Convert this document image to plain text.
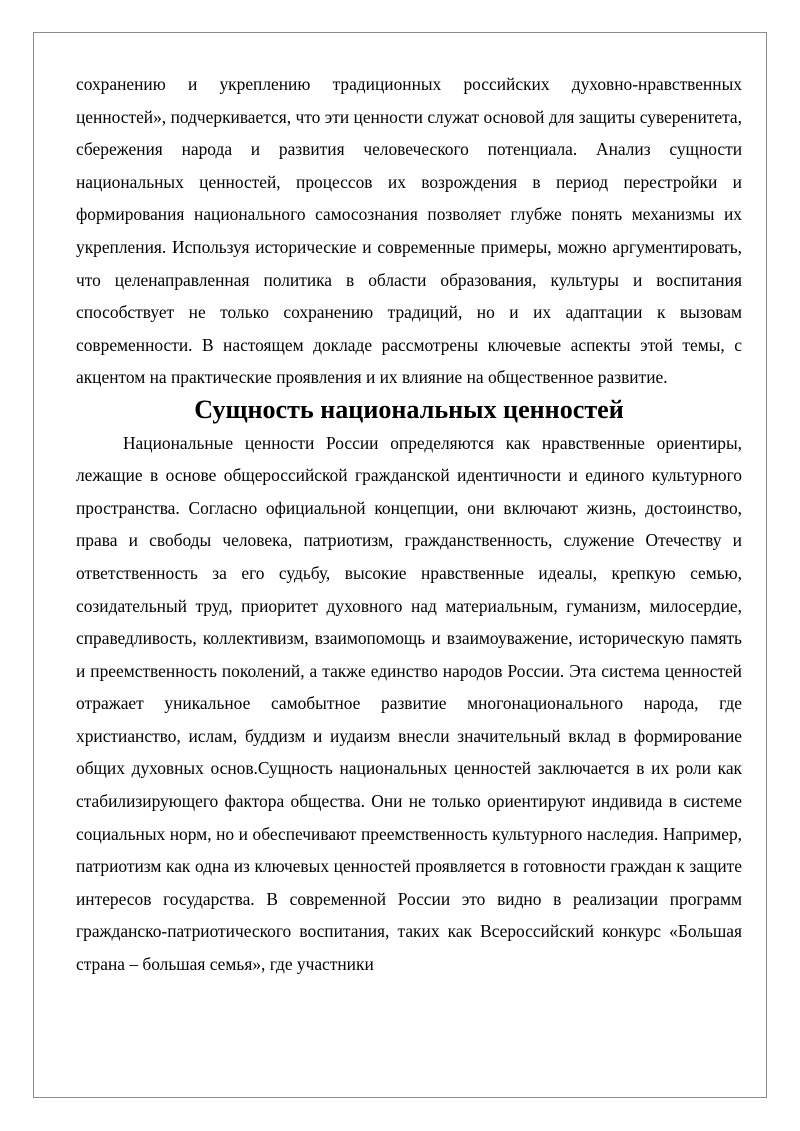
сохранению и укреплению традиционных российских духовно-нравственных ценностей», подчеркивается, что эти ценности служат основой для защиты суверенитета, сбережения народа и развития человеческого потенциала. Анализ сущности национальных ценностей, процессов их возрождения в период перестройки и формирования национального самосознания позволяет глубже понять механизмы их укрепления. Используя исторические и современные примеры, можно аргументировать, что целенаправленная политика в области образования, культуры и воспитания способствует не только сохранению традиций, но и их адаптации к вызовам современности. В настоящем докладе рассмотрены ключевые аспекты этой темы, с акцентом на практические проявления и их влияние на общественное развитие.

Сущность национальных ценностей

Национальные ценности России определяются как нравственные ориентиры, лежащие в основе общероссийской гражданской идентичности и единого культурного пространства. Согласно официальной концепции, они включают жизнь, достоинство, права и свободы человека, патриотизм, гражданственность, служение Отечеству и ответственность за его судьбу, высокие нравственные идеалы, крепкую семью, созидательный труд, приоритет духовного над материальным, гуманизм, милосердие, справедливость, коллективизм, взаимопомощь и взаимоуважение, историческую память и преемственность поколений, а также единство народов России. Эта система ценностей отражает уникальное самобытное развитие многонационального народа, где христианство, ислам, буддизм и иудаизм внесли значительный вклад в формирование общих духовных основ.Сущность национальных ценностей заключается в их роли как стабилизирующего фактора общества. Они не только ориентируют индивида в системе социальных норм, но и обеспечивают преемственность культурного наследия. Например, патриотизм как одна из ключевых ценностей проявляется в готовности граждан к защите интересов государства. В современной России это видно в реализации программ гражданско-патриотического воспитания, таких как Всероссийский конкурс «Большая страна – большая семья», где участники
